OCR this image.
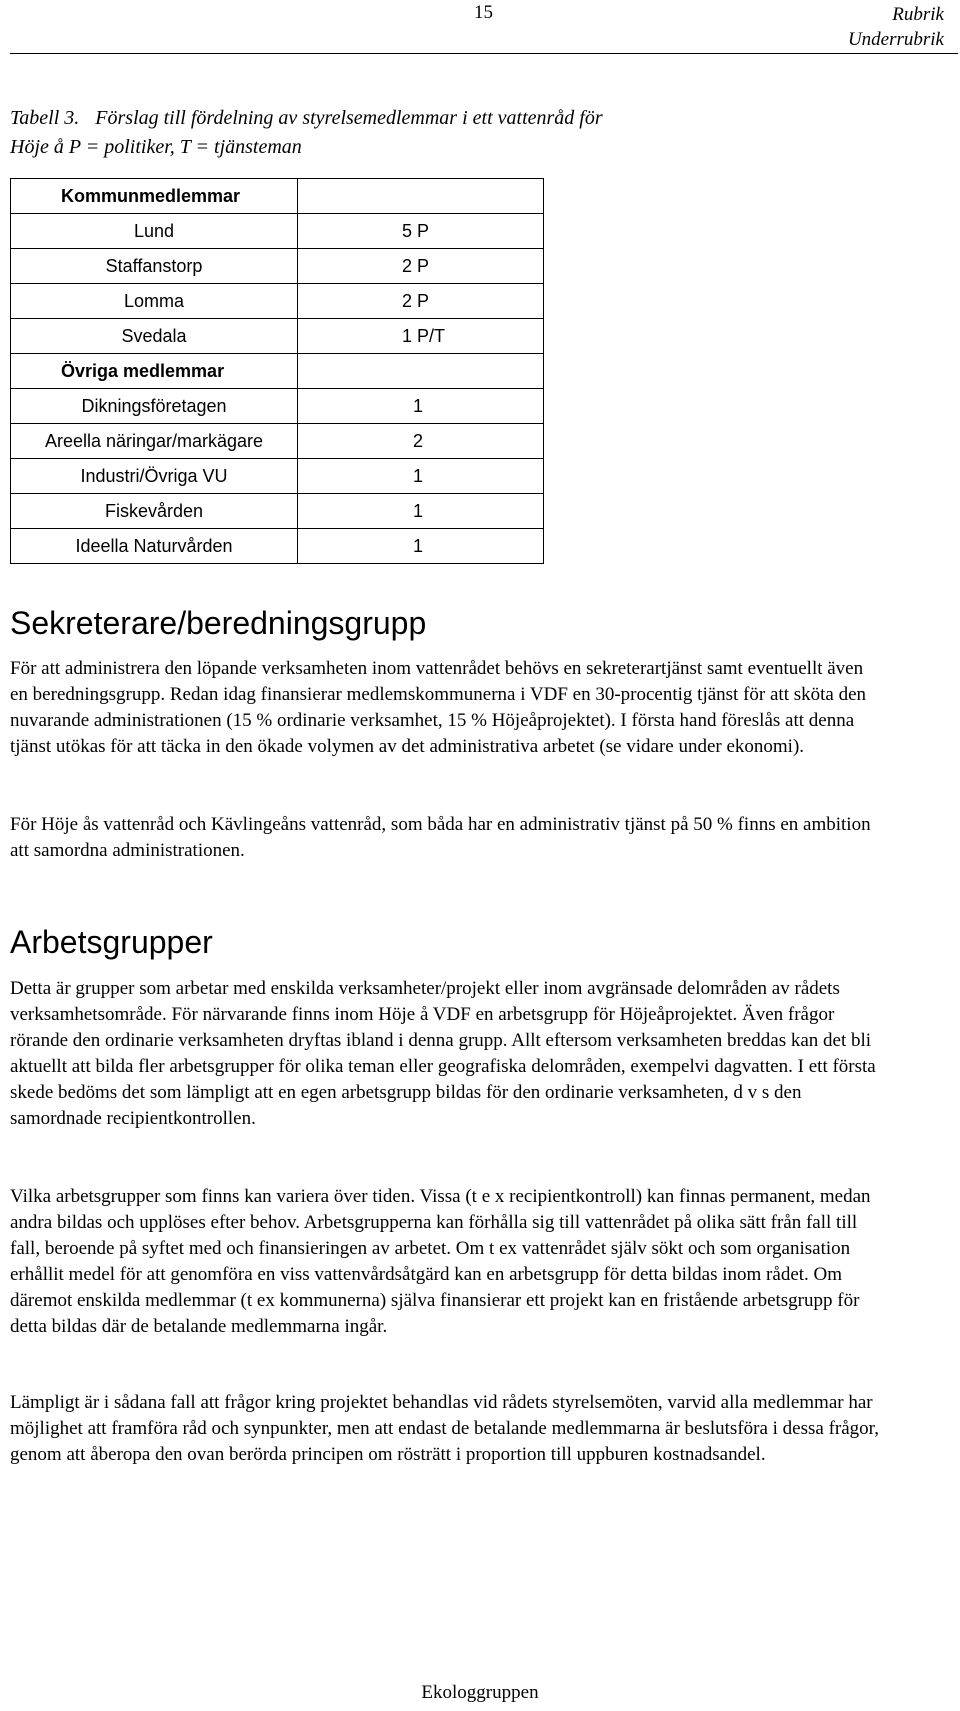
15	Rubrik
Underrubrik
Tabell 3. Förslag till fördelning av styrelsemedlemmar i ett vattenråd för Höje å P = politiker, T = tjänsteman
Kommunmedlemmar	
Lund	5 P
Staffanstorp	2 P
Lomma	2 P
Svedala	1 P/T
Övriga medlemmar	
Dikningsföretagen	1
Areella näringar/markägare	2
Industri/Övriga VU	1
Fiskevården	1
Ideella Naturvården	1
Sekreterare/beredningsgrupp

För att administrera den löpande verksamheten inom vattenrådet behövs en sekreterartjänst samt eventuellt även en beredningsgrupp. Redan idag finansierar medlemskommunerna i VDF en 30-procentig tjänst för att sköta den nuvarande administrationen (15 % ordinarie verksamhet, 15 % Höjeåprojektet). I första hand föreslås att denna tjänst utökas för att täcka in den ökade volymen av det administrativa arbetet (se vidare under ekonomi).

För Höje ås vattenråd och Kävlingeåns vattenråd, som båda har en administrativ tjänst på 50 % finns en ambition att samordna administrationen.

Arbetsgrupper

Detta är grupper som arbetar med enskilda verksamheter/projekt eller inom avgränsade delområden av rådets verksamhetsområde. För närvarande finns inom Höje å VDF en arbetsgrupp för Höjeåprojektet. Även frågor rörande den ordinarie verksamheten dryftas ibland i denna grupp. Allt eftersom verksamheten breddas kan det bli aktuellt att bilda fler arbetsgrupper för olika teman eller geografiska delområden, exempelvi dagvatten. I ett första skede bedöms det som lämpligt att en egen arbetsgrupp bildas för den ordinarie verksamheten, d v s den samordnade recipientkontrollen.

Vilka arbetsgrupper som finns kan variera över tiden. Vissa (t e x recipientkontroll) kan finnas permanent, medan andra bildas och upplöses efter behov. Arbetsgrupperna kan förhålla sig till vattenrådet på olika sätt från fall till fall, beroende på syftet med och finansieringen av arbetet. Om t ex vattenrådet själv sökt och som organisation erhållit medel för att genomföra en viss vattenvårdsåtgärd kan en arbetsgrupp för detta bildas inom rådet. Om däremot enskilda medlemmar (t ex kommunerna) själva finansierar ett projekt kan en fristående arbetsgrupp för detta bildas där de betalande medlemmarna ingår.

Lämpligt är i sådana fall att frågor kring projektet behandlas vid rådets styrelsemöten, varvid alla medlemmar har möjlighet att framföra råd och synpunkter, men att endast de betalande medlemmarna är beslutsföra i dessa frågor, genom att åberopa den ovan berörda principen om rösträtt i proportion till uppburen kostnadsandel.

Ekologgruppen
